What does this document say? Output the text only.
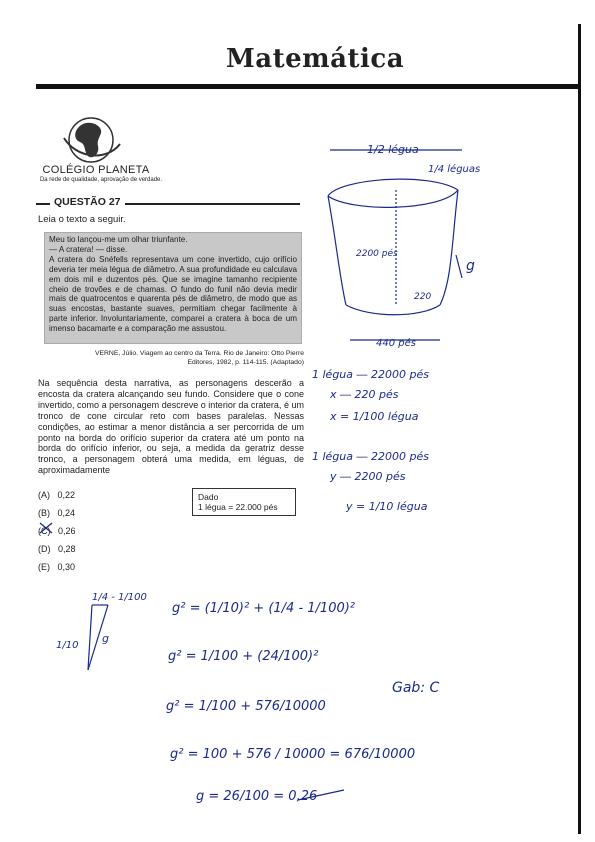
Matemática
COLÉGIO PLANETA
Da rede de qualidade, aprovação de verdade.
QUESTÃO 27
Leia o texto a seguir.

Meu tio lançou-me um olhar triunfante.

— A cratera! — disse.

A cratera do Snéfells representava um cone invertido, cujo orifício deveria ter meia légua de diâmetro. A sua profundidade eu calculava em dois mil e duzentos pés. Que se imagine tamanho recipiente cheio de trovões e de chamas. O fundo do funil não devia medir mais de quatrocentos e quarenta pés de diâmetro, de modo que as suas encostas, bastante suaves, permitiam chegar facilmente à parte inferior. Involuntariamente, comparei a cratera à boca de um imenso bacamarte e a comparação me assustou.

VERNE, Júlio. Viagem ao centro da Terra. Rio de Janeiro: Otto Pierre
Editores, 1982, p. 114-115. (Adaptado)

Na sequência desta narrativa, as personagens descerão a encosta da cratera alcançando seu fundo. Considere que o cone invertido, como a personagem descreve o interior da cratera, é um tronco de cone circular reto com bases paralelas. Nessas condições, ao estimar a menor distância a ser percorrida de um ponto na borda do orifício superior da cratera até um ponto na borda do orifício inferior, ou seja, a medida da geratriz desse tronco, a personagem obterá uma medida, em léguas, de aproximadamente

(A) 0,22
(B) 0,24
(C) 0,26
(D) 0,28
(E) 0,30
Dado
1 légua = 22.000 pés
1/2 légua
1/4 léguas
2200 pés
g
220
440 pés
1 légua ― 22000 pés
x ― 220 pés
x = 1/100 légua
1 légua ― 22000 pés
y ― 2200 pés
y = 1/10 légua
1/4 - 1/100
1/10
g
g² = (1/10)² + (1/4 - 1/100)²
g² = 1/100 + (24/100)²
g² = 1/100 + 576/10000
g² = 100 + 576 / 10000 = 676/10000
g = 26/100 = 0,26
Gab: C
